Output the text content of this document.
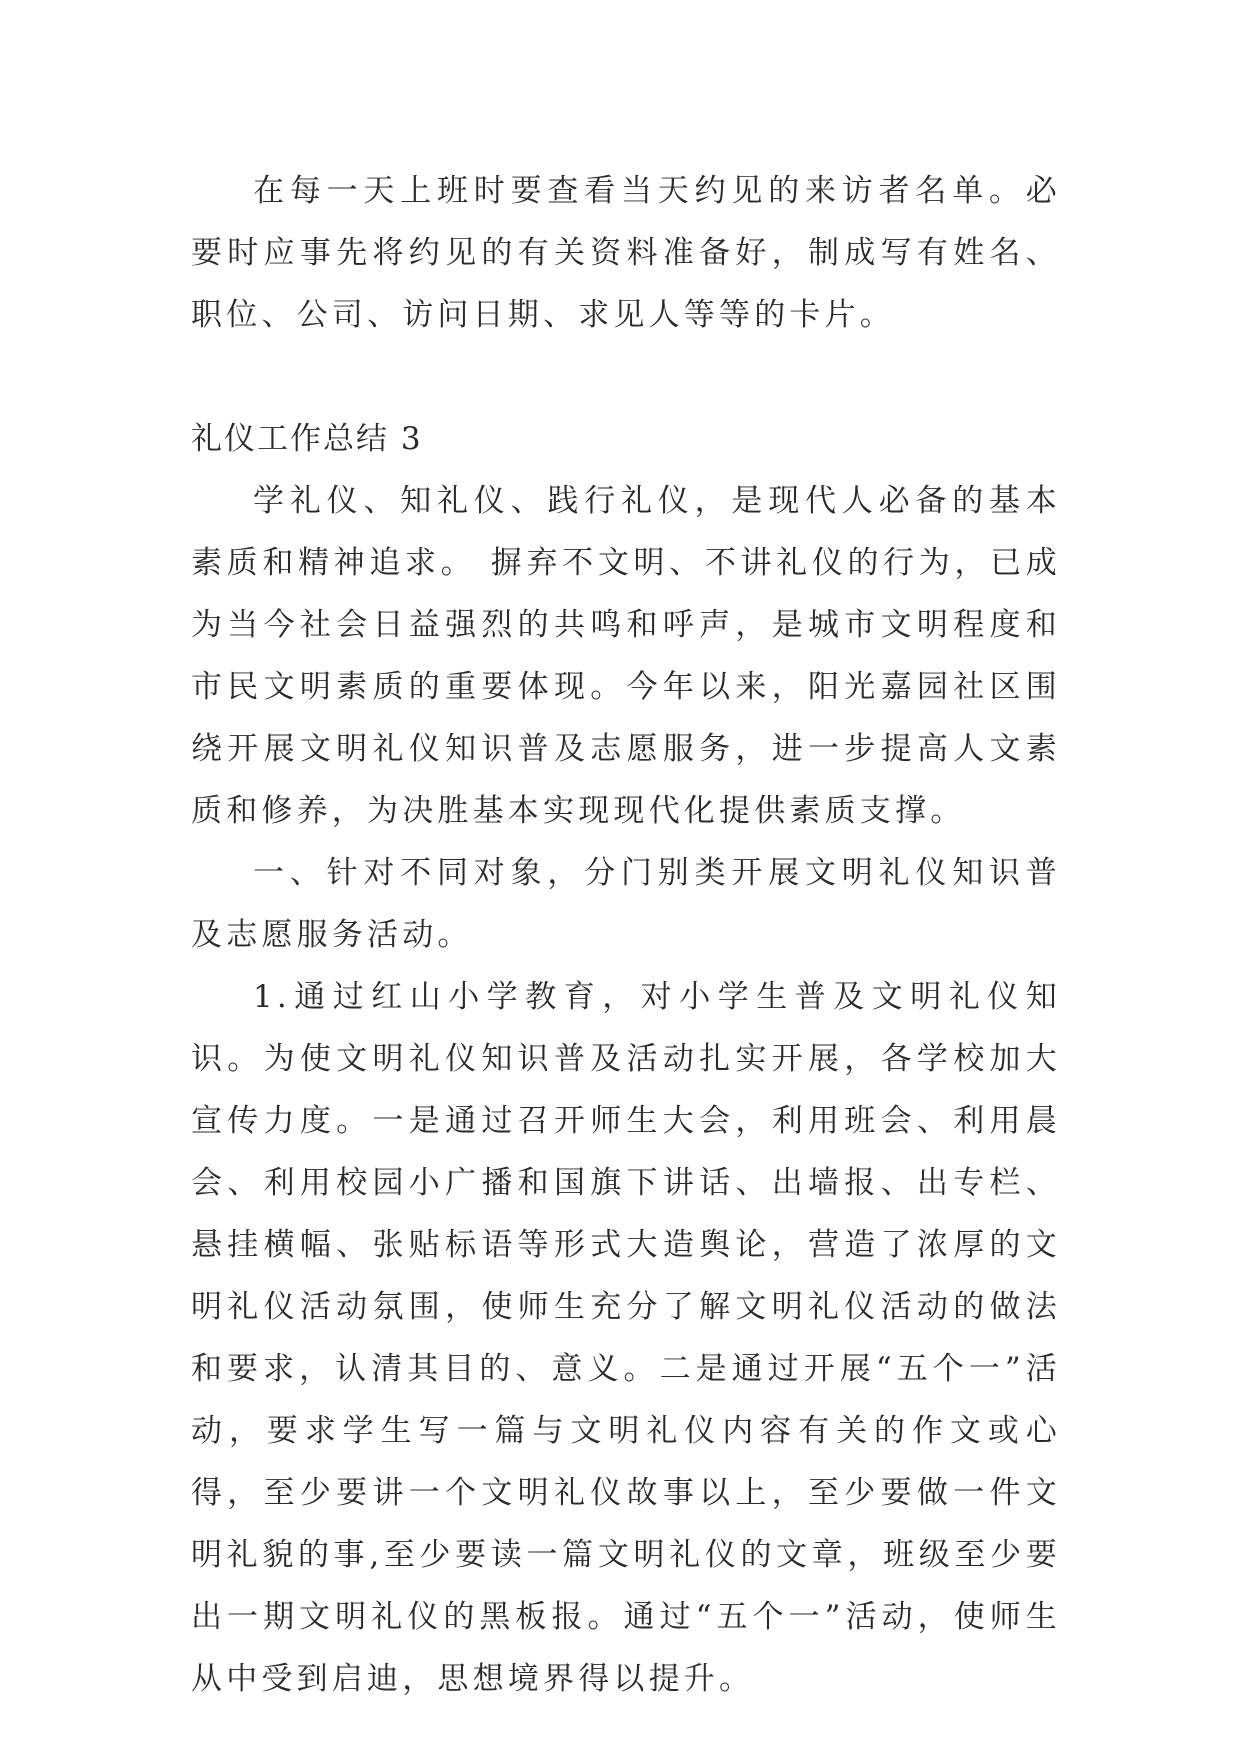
在每一天上班时要查看当天约见的来访者名单。必要时应事先将约见的有关资料准备好，制成写有姓名、职位、公司、访问日期、求见人等等的卡片。

礼仪工作总结 3

学礼仪、知礼仪、践行礼仪，是现代人必备的基本素质和精神追求。 摒弃不文明、不讲礼仪的行为，已成为当今社会日益强烈的共鸣和呼声，是城市文明程度和市民文明素质的重要体现。今年以来，阳光嘉园社区围绕开展文明礼仪知识普及志愿服务，进一步提高人文素质和修养，为决胜基本实现现代化提供素质支撑。

一、针对不同对象，分门别类开展文明礼仪知识普及志愿服务活动。

1.通过红山小学教育，对小学生普及文明礼仪知识。为使文明礼仪知识普及活动扎实开展，各学校加大宣传力度。一是通过召开师生大会，利用班会、利用晨会、利用校园小广播和国旗下讲话、出墙报、出专栏、悬挂横幅、张贴标语等形式大造舆论，营造了浓厚的文明礼仪活动氛围，使师生充分了解文明礼仪活动的做法和要求，认清其目的、意义。二是通过开展“五个一”活动，要求学生写一篇与文明礼仪内容有关的作文或心得，至少要讲一个文明礼仪故事以上，至少要做一件文明礼貌的事,至少要读一篇文明礼仪的文章，班级至少要出一期文明礼仪的黑板报。通过“五个一”活动，使师生从中受到启迪，思想境界得以提升。
